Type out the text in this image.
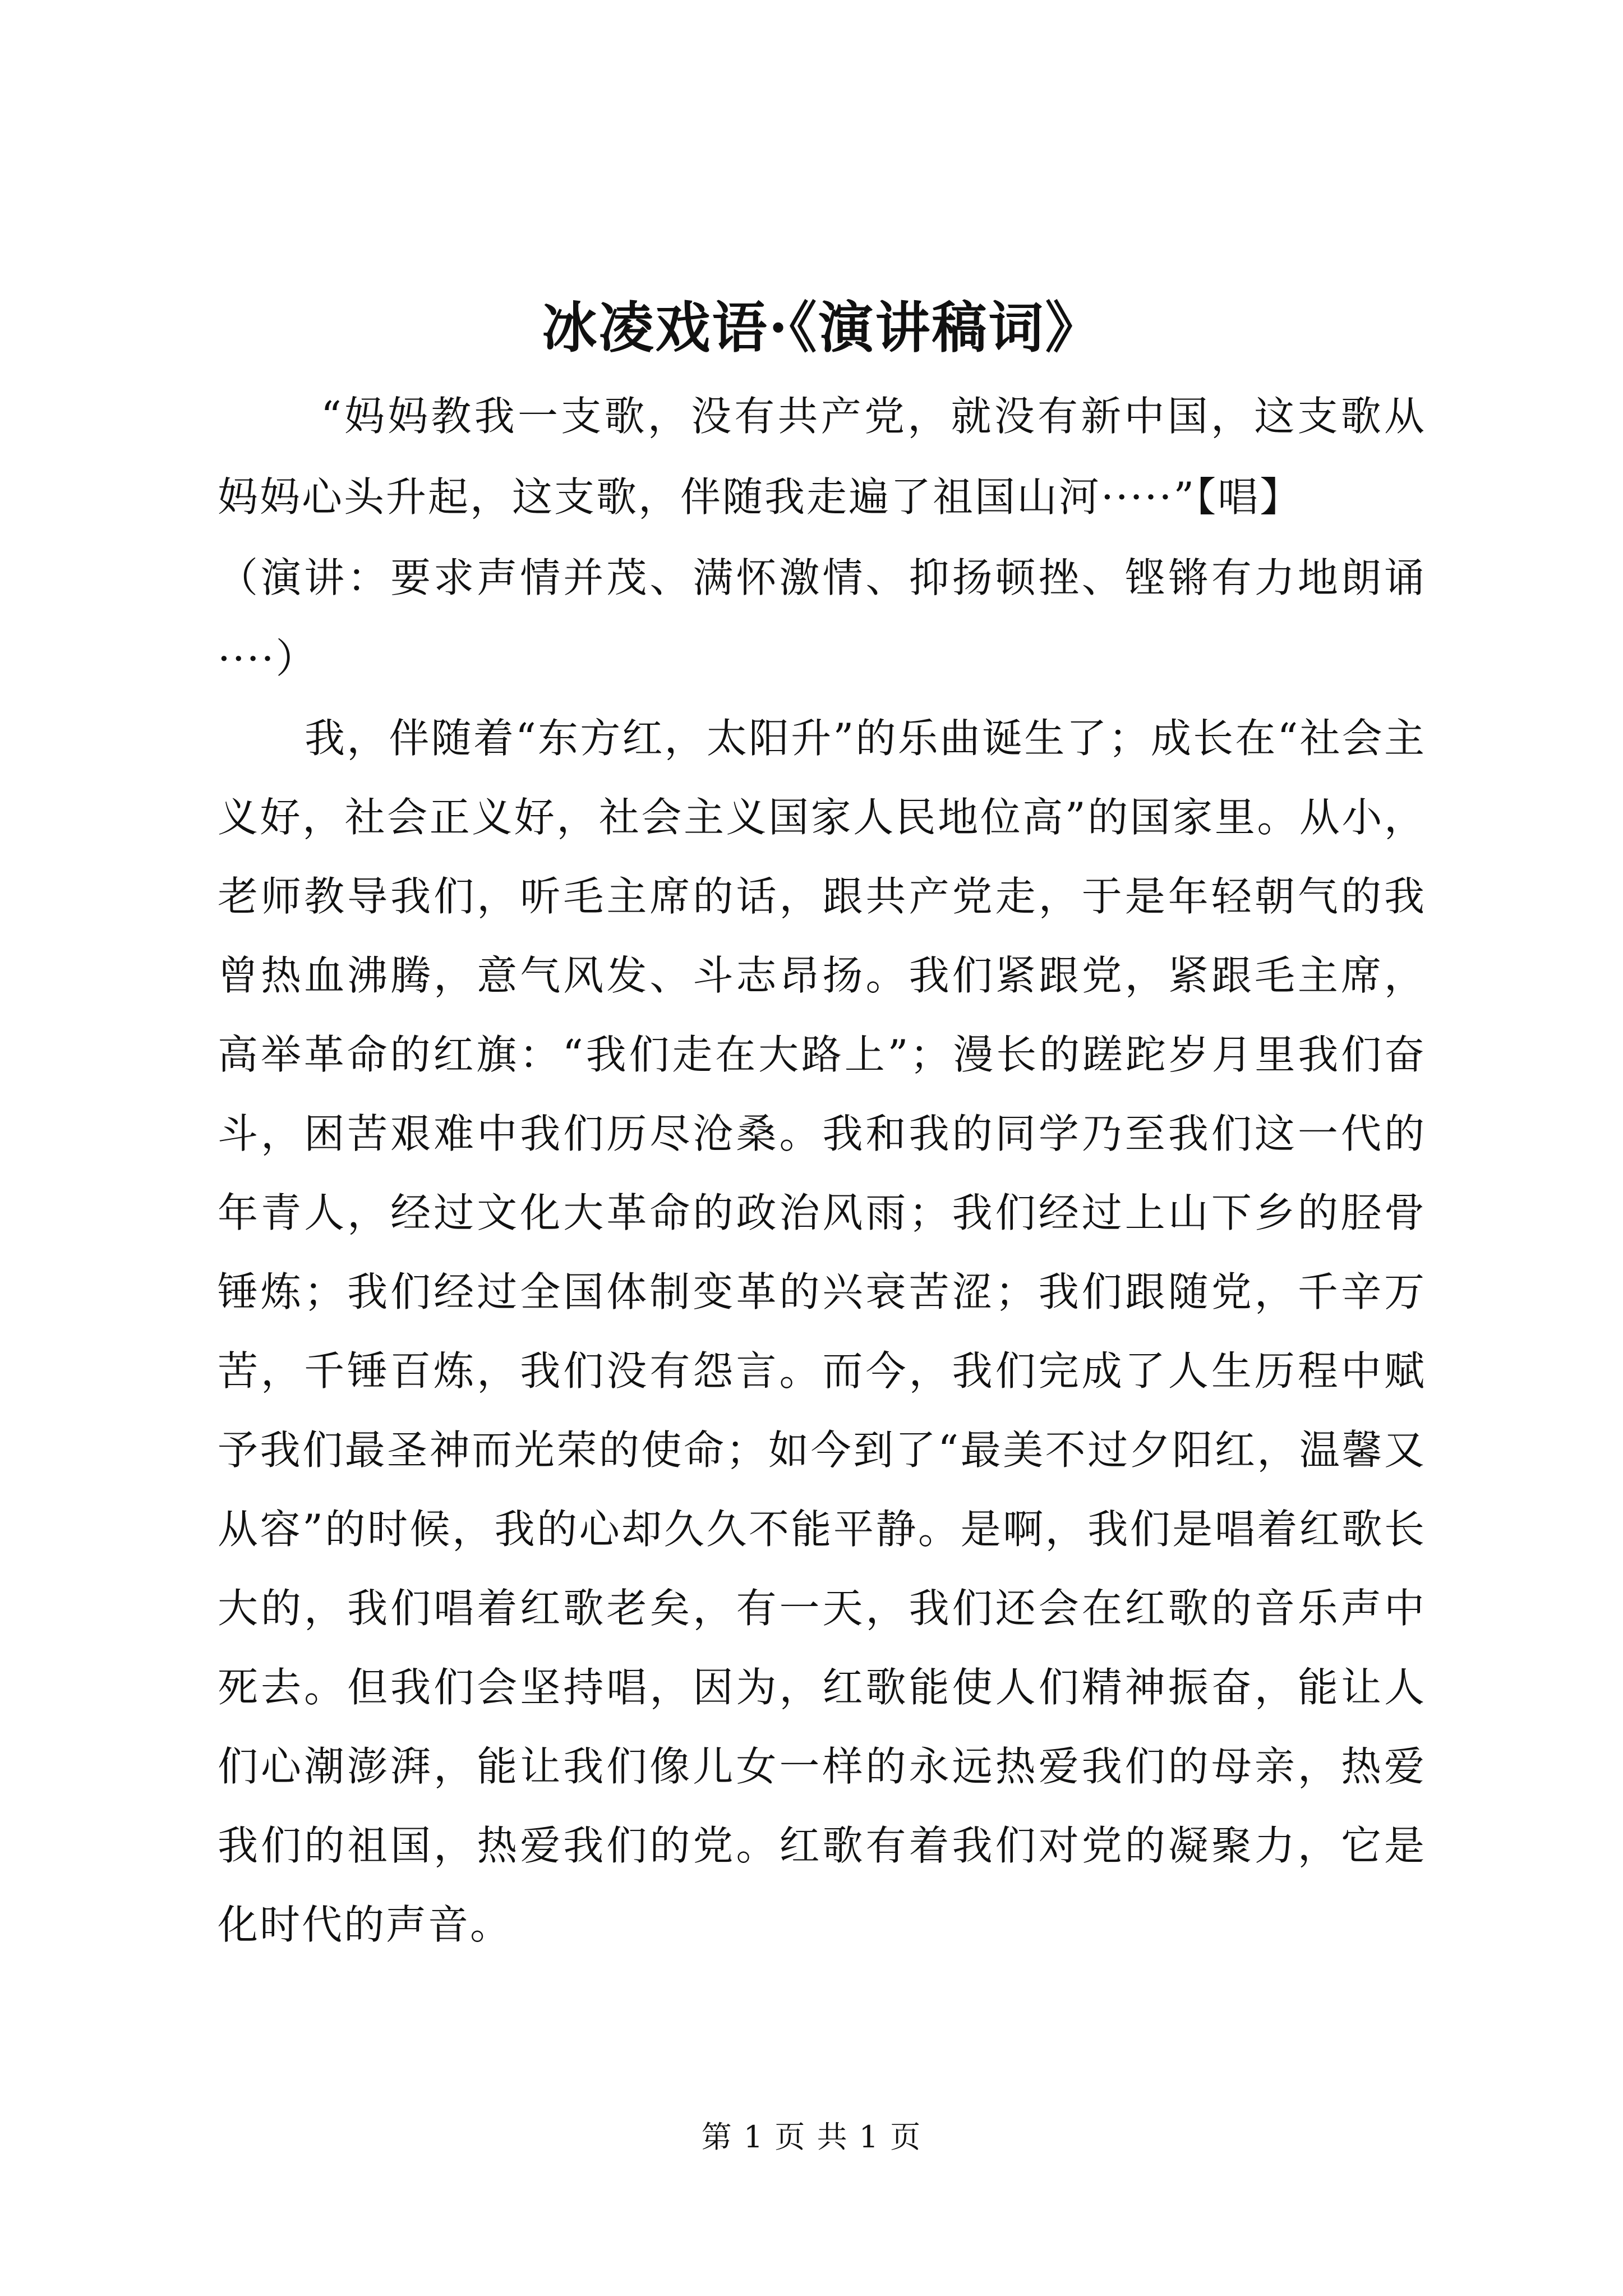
冰凌戏语·《演讲稿词》

“妈妈教我一支歌，没有共产党，就没有新中国，这支歌从妈妈心头升起，这支歌，伴随我走遍了祖国山河·····”【唱】

（演讲：要求声情并茂、满怀激情、抑扬顿挫、铿锵有力地朗诵····）

我，伴随着“东方红，太阳升”的乐曲诞生了；成长在“社会主义好，社会正义好，社会主义国家人民地位高”的国家里。从小，老师教导我们，听毛主席的话，跟共产党走，于是年轻朝气的我曾热血沸腾，意气风发、斗志昂扬。我们紧跟党，紧跟毛主席，高举革命的红旗：“我们走在大路上”；漫长的蹉跎岁月里我们奋斗，困苦艰难中我们历尽沧桑。我和我的同学乃至我们这一代的年青人，经过文化大革命的政治风雨；我们经过上山下乡的胫骨锤炼；我们经过全国体制变革的兴衰苦涩；我们跟随党，千辛万苦，千锤百炼，我们没有怨言。而今，我们完成了人生历程中赋予我们最圣神而光荣的使命；如今到了“最美不过夕阳红，温馨又从容”的时候，我的心却久久不能平静。是啊，我们是唱着红歌长大的，我们唱着红歌老矣，有一天，我们还会在红歌的音乐声中死去。但我们会坚持唱，因为，红歌能使人们精神振奋，能让人们心潮澎湃，能让我们像儿女一样的永远热爱我们的母亲，热爱我们的祖国，热爱我们的党。红歌有着我们对党的凝聚力，它是化时代的声音。

第 1 页 共 1 页
